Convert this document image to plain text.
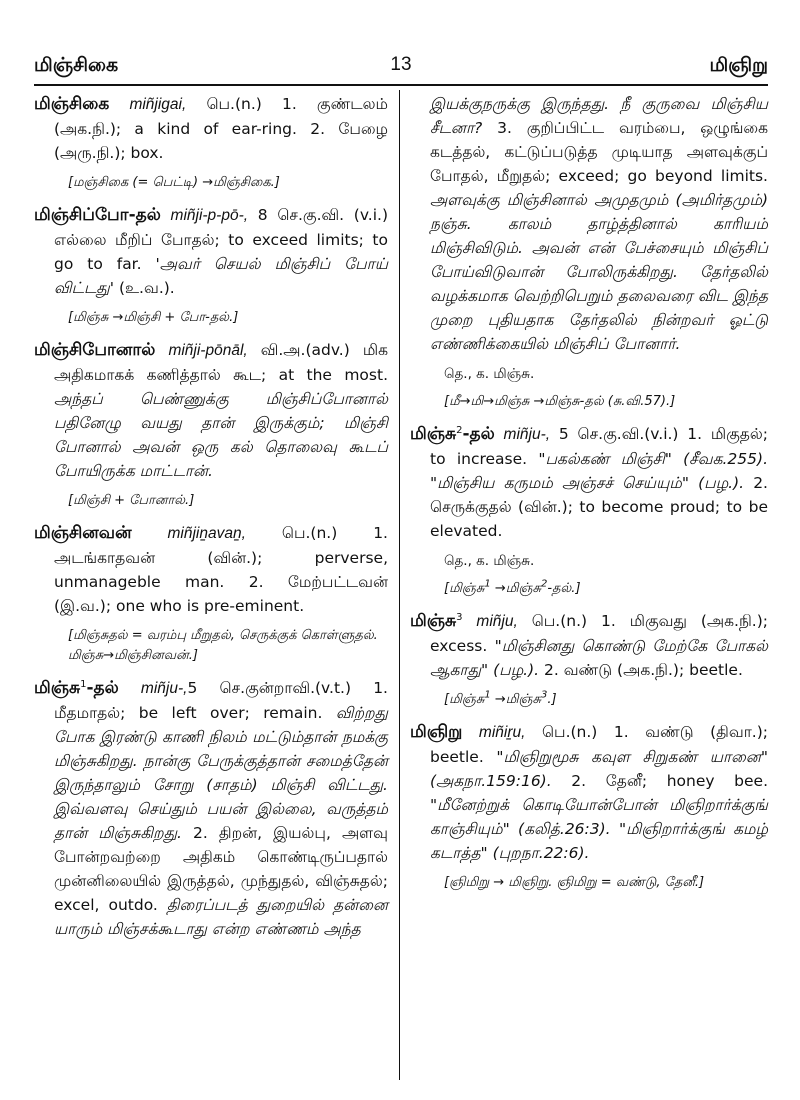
மிஞ்சிகை	13	மிஞிறு

மிஞ்சிகை miñjigai, பெ.(n.) 1. குண்டலம் (அக.நி.); a kind of ear-ring. 2. பேழை (அரு.நி.); box.

[மஞ்சிகை (= பெட்டி) →மிஞ்சிகை.]

மிஞ்சிப்போ-தல் miñji-p-pō-, 8 செ.கு.வி. (v.i.) எல்லை மீறிப் போதல்; to exceed limits; to go to far. 'அவர் செயல் மிஞ்சிப் போய் விட்டது' (உ.வ.).

[மிஞ்சு →மிஞ்சி + போ-தல்.]

மிஞ்சிபோனால் miñji-pōnāl, வி.அ.(adv.) மிக அதிகமாகக் கணித்தால் கூட; at the most. அந்தப் பெண்ணுக்கு மிஞ்சிப்போனால் பதினேழு வயது தான் இருக்கும்; மிஞ்சி போனால் அவன் ஒரு கல் தொலைவு கூடப் போயிருக்க மாட்டான்.

[மிஞ்சி + போனால்.]

மிஞ்சினவன் miñjiṉavaṉ, பெ.(n.) 1. அடங்காதவன் (வின்.); perverse, unmanageble man. 2. மேற்பட்டவன் (இ.வ.); one who is pre-eminent.

[மிஞ்சுதல் = வரம்பு மீறுதல், செருக்குக் கொள்ளுதல். மிஞ்சு→மிஞ்சினவன்.]

மிஞ்சு$^1$-தல் miñju-,5 செ.குன்றாவி.(v.t.) 1. மீதமாதல்; be left over; remain. விற்றது போக இரண்டு காணி நிலம் மட்டும்தான் நமக்கு மிஞ்சுகிறது. நான்கு பேருக்குத்தான் சமைத்தேன் இருந்தாலும் சோறு (சாதம்) மிஞ்சி விட்டது. இவ்வளவு செய்தும் பயன் இல்லை, வருத்தம் தான் மிஞ்சுகிறது. 2. திறன், இயல்பு, அளவு போன்றவற்றை அதிகம் கொண்டிருப்பதால் முன்னிலையில் இருத்தல், முந்துதல், விஞ்சுதல்; excel, outdo. திரைப்படத் துறையில் தன்னை யாரும் மிஞ்சக்கூடாது என்ற எண்ணம் அந்த

இயக்குநருக்கு இருந்தது. நீ குருவை மிஞ்சிய சீடனா? 3. குறிப்பிட்ட வரம்பை, ஒழுங்கை கடத்தல், கட்டுப்படுத்த முடியாத அளவுக்குப் போதல், மீறுதல்; exceed; go beyond limits. அளவுக்கு மிஞ்சினால் அமுதமும் (அமிர்தமும்) நஞ்சு. காலம் தாழ்த்தினால் காரியம் மிஞ்சிவிடும். அவன் என் பேச்சையும் மிஞ்சிப் போய்விடுவான் போலிருக்கிறது. தேர்தலில் வழக்கமாக வெற்றிபெறும் தலைவரை விட இந்த முறை புதியதாக தேர்தலில் நின்றவர் ஓட்டு எண்ணிக்கையில் மிஞ்சிப் போனார்.

தெ., க. மிஞ்சு.
[மீ→மி→மிஞ்சு →மிஞ்சு-தல் (சு.வி.57).]

மிஞ்சு$^2$-தல் miñju-, 5 செ.கு.வி.(v.i.) 1. மிகுதல்; to increase. "பகல்கண் மிஞ்சி" (சீவக.255). "மிஞ்சிய கருமம் அஞ்சச் செய்யும்" (பழ.). 2. செருக்குதல் (வின்.); to become proud; to be elevated.

தெ., க. மிஞ்சு.
[மிஞ்சு$^1$ →மிஞ்சு$^2$-தல்.]

மிஞ்சு$^3$ miñju, பெ.(n.) 1. மிகுவது (அக.நி.); excess. "மிஞ்சினது கொண்டு மேற்கே போகல் ஆகாது" (பழ.). 2. வண்டு (அக.நி.); beetle.

[மிஞ்சு$^1$ →மிஞ்சு$^3$.]

மிஞிறு miñiṟu, பெ.(n.) 1. வண்டு (திவா.); beetle. "மிஞிறுமூசு கவுள சிறுகண் யானை" (அகநா.159:16). 2. தேனீ; honey bee. "மீனேற்றுக் கொடியோன்போன் மிஞிறார்க்குங் காஞ்சியும்" (கலித்.26:3). "மிஞிறார்க்குங் கமழ் கடாத்த" (புறநா.22:6).

[ஞிமிறு → மிஞிறு. ஞிமிறு = வண்டு, தேனீ.]
